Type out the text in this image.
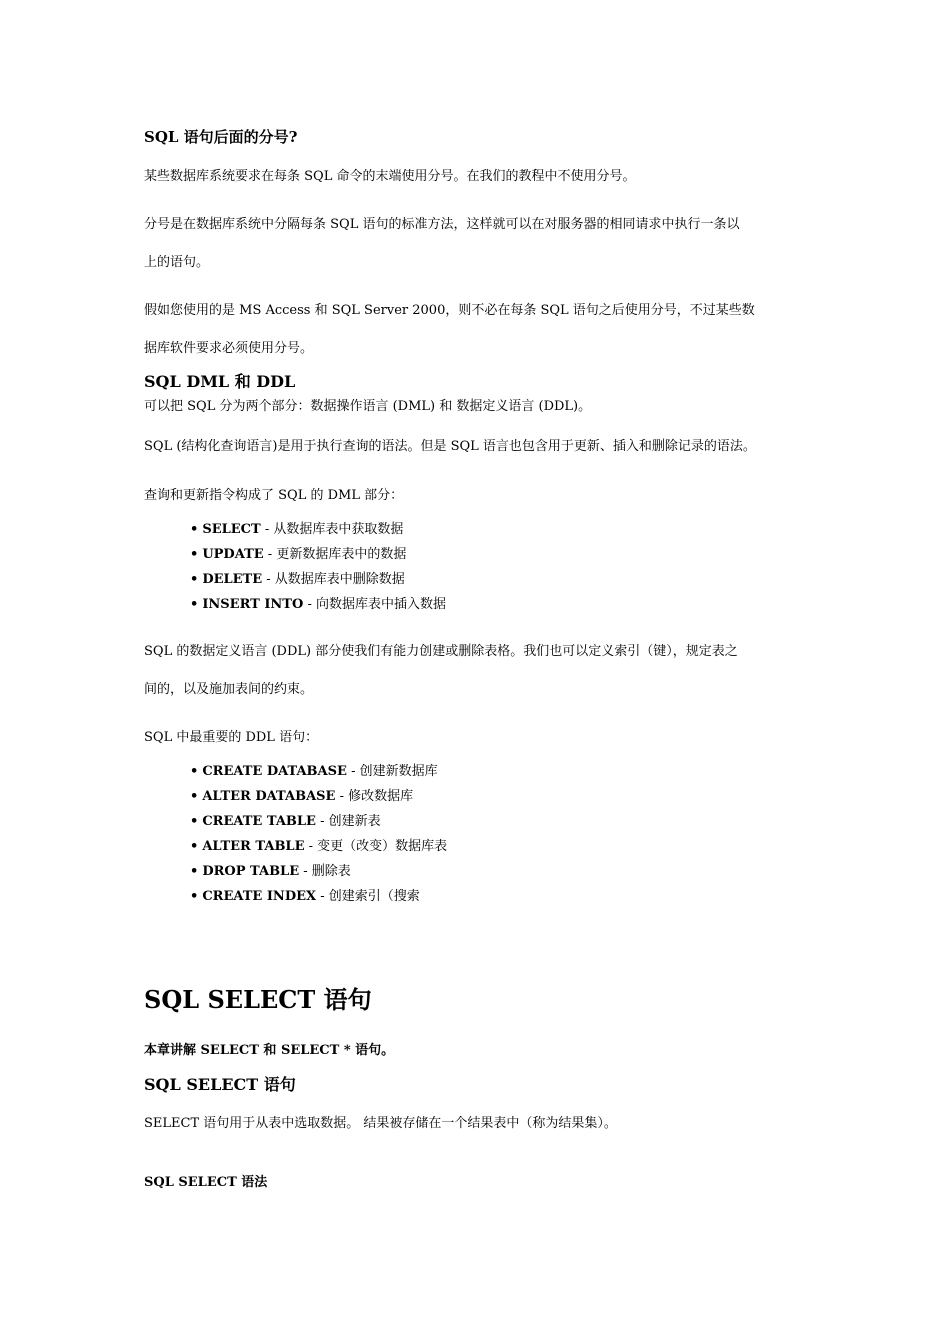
SQL 语句后面的分号?
某些数据库系统要求在每条 SQL 命令的末端使用分号。在我们的教程中不使用分号。
分号是在数据库系统中分隔每条 SQL 语句的标准方法，这样就可以在对服务器的相同请求中执行一条以
上的语句。
假如您使用的是 MS Access 和 SQL Server 2000，则不必在每条 SQL 语句之后使用分号，不过某些数
据库软件要求必须使用分号。
SQL DML 和 DDL
可以把 SQL 分为两个部分：数据操作语言 (DML) 和 数据定义语言 (DDL)。
SQL (结构化查询语言)是用于执行查询的语法。但是 SQL 语言也包含用于更新、插入和删除记录的语法。
查询和更新指令构成了 SQL 的 DML 部分：
• SELECT - 从数据库表中获取数据
• UPDATE - 更新数据库表中的数据
• DELETE - 从数据库表中删除数据
• INSERT INTO - 向数据库表中插入数据
SQL 的数据定义语言 (DDL) 部分使我们有能力创建或删除表格。我们也可以定义索引（键），规定表之
间的，以及施加表间的约束。
SQL 中最重要的 DDL 语句：
• CREATE DATABASE - 创建新数据库
• ALTER DATABASE - 修改数据库
• CREATE TABLE - 创建新表
• ALTER TABLE - 变更（改变）数据库表
• DROP TABLE - 删除表
• CREATE INDEX - 创建索引（搜索
SQL SELECT 语句
本章讲解 SELECT 和 SELECT * 语句。
SQL SELECT 语句
SELECT 语句用于从表中选取数据。 结果被存储在一个结果表中（称为结果集）。
SQL SELECT 语法
